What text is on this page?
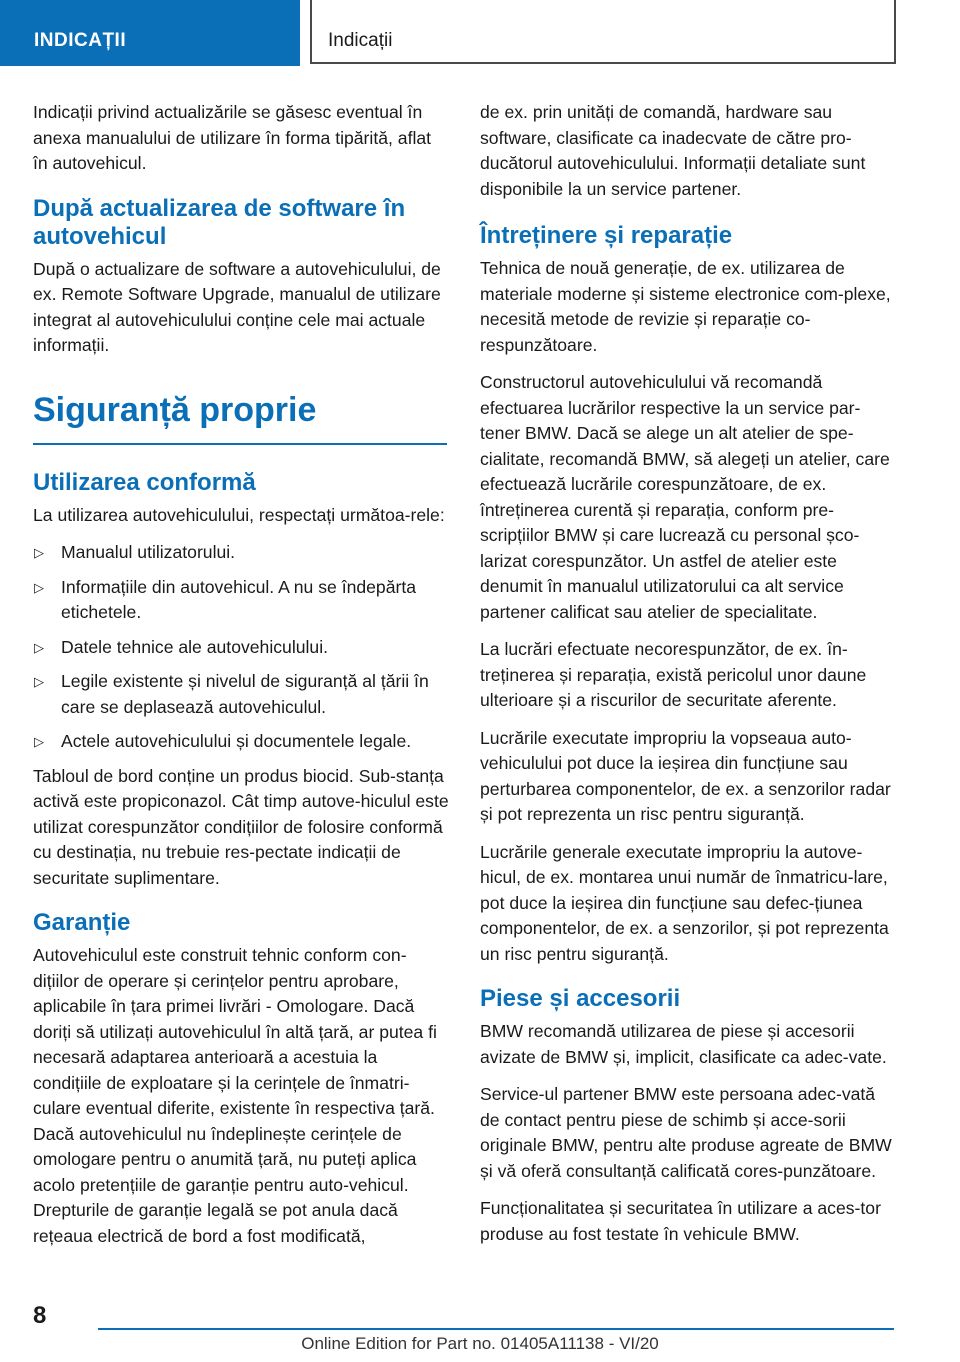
INDICAȚII	Indicații

Indicații privind actualizările se găsesc eventual în anexa manualului de utilizare în forma tipărită, aflat în autovehicul.

După actualizarea de software în autovehicul

După o actualizare de software a autovehiculului, de ex. Remote Software Upgrade, manualul de utilizare integrat al autovehiculului conține cele mai actuale informații.

Siguranță proprie
Utilizarea conformă

La utilizarea autovehiculului, respectați următoa-rele:

▷ Manualul utilizatorului.
▷ Informațiile din autovehicul. A nu se îndepărta etichetele.
▷ Datele tehnice ale autovehiculului.
▷ Legile existente și nivelul de siguranță al țării în care se deplasează autovehiculul.
▷ Actele autovehiculului și documentele legale.

Tabloul de bord conține un produs biocid. Sub-stanța activă este propiconazol. Cât timp autove-hiculul este utilizat corespunzător condițiilor de folosire conformă cu destinația, nu trebuie res-pectate indicații de securitate suplimentare.

Garanție

Autovehiculul este construit tehnic conform con-dițiilor de operare și cerințelor pentru aprobare, aplicabile în țara primei livrări - Omologare. Dacă doriți să utilizați autovehiculul în altă țară, ar putea fi necesară adaptarea anterioară a acestuia la condițiile de exploatare și la cerințele de înmatri-culare eventual diferite, existente în respectiva țară. Dacă autovehiculul nu îndeplinește cerințele de omologare pentru o anumită țară, nu puteți aplica acolo pretențiile de garanție pentru auto-vehicul. Drepturile de garanție legală se pot anula dacă rețeaua electrică de bord a fost modificată,

de ex. prin unități de comandă, hardware sau software, clasificate ca inadecvate de către pro-ducătorul autovehiculului. Informații detaliate sunt disponibile la un service partener.

Întreținere și reparație

Tehnica de nouă generație, de ex. utilizarea de materiale moderne și sisteme electronice com-plexe, necesită metode de revizie și reparație co-respunzătoare.

Constructorul autovehiculului vă recomandă efectuarea lucrărilor respective la un service par-tener BMW. Dacă se alege un alt atelier de spe-cialitate, recomandă BMW, să alegeți un atelier, care efectuează lucrările corespunzătoare, de ex. întreținerea curentă și reparația, conform pre-scripțiilor BMW și care lucrează cu personal șco-larizat corespunzător. Un astfel de atelier este denumit în manualul utilizatorului ca alt service partener calificat sau atelier de specialitate.

La lucrări efectuate necorespunzător, de ex. în-treținerea și reparația, există pericolul unor daune ulterioare și a riscurilor de securitate aferente.

Lucrările executate impropriu la vopseaua auto-vehiculului pot duce la ieșirea din funcțiune sau perturbarea componentelor, de ex. a senzorilor radar și pot reprezenta un risc pentru siguranță.

Lucrările generale executate impropriu la autove-hicul, de ex. montarea unui număr de înmatricu-lare, pot duce la ieșirea din funcțiune sau defec-țiunea componentelor, de ex. a senzorilor, și pot reprezenta un risc pentru siguranță.

Piese și accesorii

BMW recomandă utilizarea de piese și accesorii avizate de BMW și, implicit, clasificate ca adec-vate.

Service-ul partener BMW este persoana adec-vată de contact pentru piese de schimb și acce-sorii originale BMW, pentru alte produse agreate de BMW și vă oferă consultanță calificată cores-punzătoare.

Funcționalitatea și securitatea în utilizare a aces-tor produse au fost testate în vehicule BMW.

8
Online Edition for Part no. 01405A11138 - VI/20
